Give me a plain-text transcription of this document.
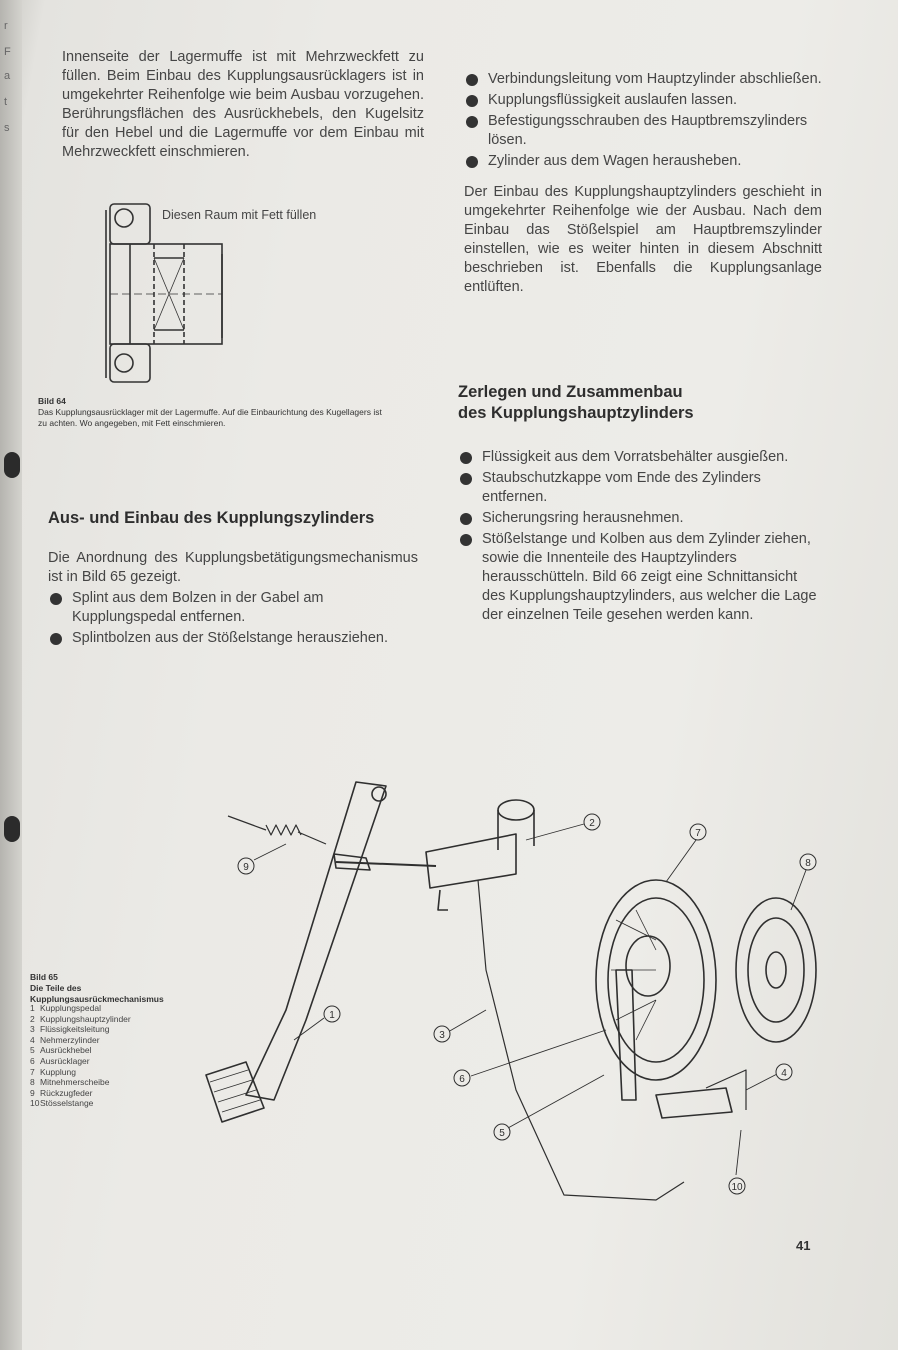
r
F
a
t
s

Innenseite der Lagermuffe ist mit Mehrzweckfett zu füllen. Beim Einbau des Kupplungsausrücklagers ist in umgekehrter Reihenfolge wie beim Ausbau vorzugehen. Berührungsflächen des Ausrückhebels, den Kugelsitz für den Hebel und die Lagermuffe vor dem Einbau mit Mehrzweckfett einschmieren.

Diesen Raum mit Fett füllen
Bild 64
Das Kupplungsausrücklager mit der Lagermuffe. Auf die Einbaurichtung des Kugellagers ist zu achten. Wo angegeben, mit Fett einschmieren.
Aus- und Einbau des Kupplungszylinders

Die Anordnung des Kupplungsbetätigungsmechanismus ist in Bild 65 gezeigt.

Splint aus dem Bolzen in der Gabel am Kupplungspedal entfernen.
Splintbolzen aus der Stößelstange herausziehen.
Verbindungsleitung vom Hauptzylinder abschließen.
Kupplungsflüssigkeit auslaufen lassen.
Befestigungsschrauben des Hauptbremszylinders lösen.
Zylinder aus dem Wagen herausheben.

Der Einbau des Kupplungshauptzylinders geschieht in umgekehrter Reihenfolge wie der Ausbau. Nach dem Einbau das Stößelspiel am Hauptbremszylinder einstellen, wie es weiter hinten in diesem Abschnitt beschrieben ist. Ebenfalls die Kupplungsanlage entlüften.

Zerlegen und Zusammenbau
des Kupplungshauptzylinders
Flüssigkeit aus dem Vorratsbehälter ausgießen.
Staubschutzkappe vom Ende des Zylinders entfernen.
Sicherungsring herausnehmen.
Stößelstange und Kolben aus dem Zylinder ziehen, sowie die Innenteile des Hauptzylinders herausschütteln. Bild 66 zeigt eine Schnittansicht des Kupplungshauptzylinders, aus welcher die Lage der einzelnen Teile gesehen werden kann.
1
2
3
4
5
6
7
8
9
10
Bild 65
Die Teile des Kupplungsausrückmechanismus
1 Kupplungspedal
2 Kupplungshauptzylinder
3 Flüssigkeitsleitung
4 Nehmerzylinder
5 Ausrückhebel
6 Ausrücklager
7 Kupplung
8 Mitnehmerscheibe
9 Rückzugfeder
10Stösselstange
41
